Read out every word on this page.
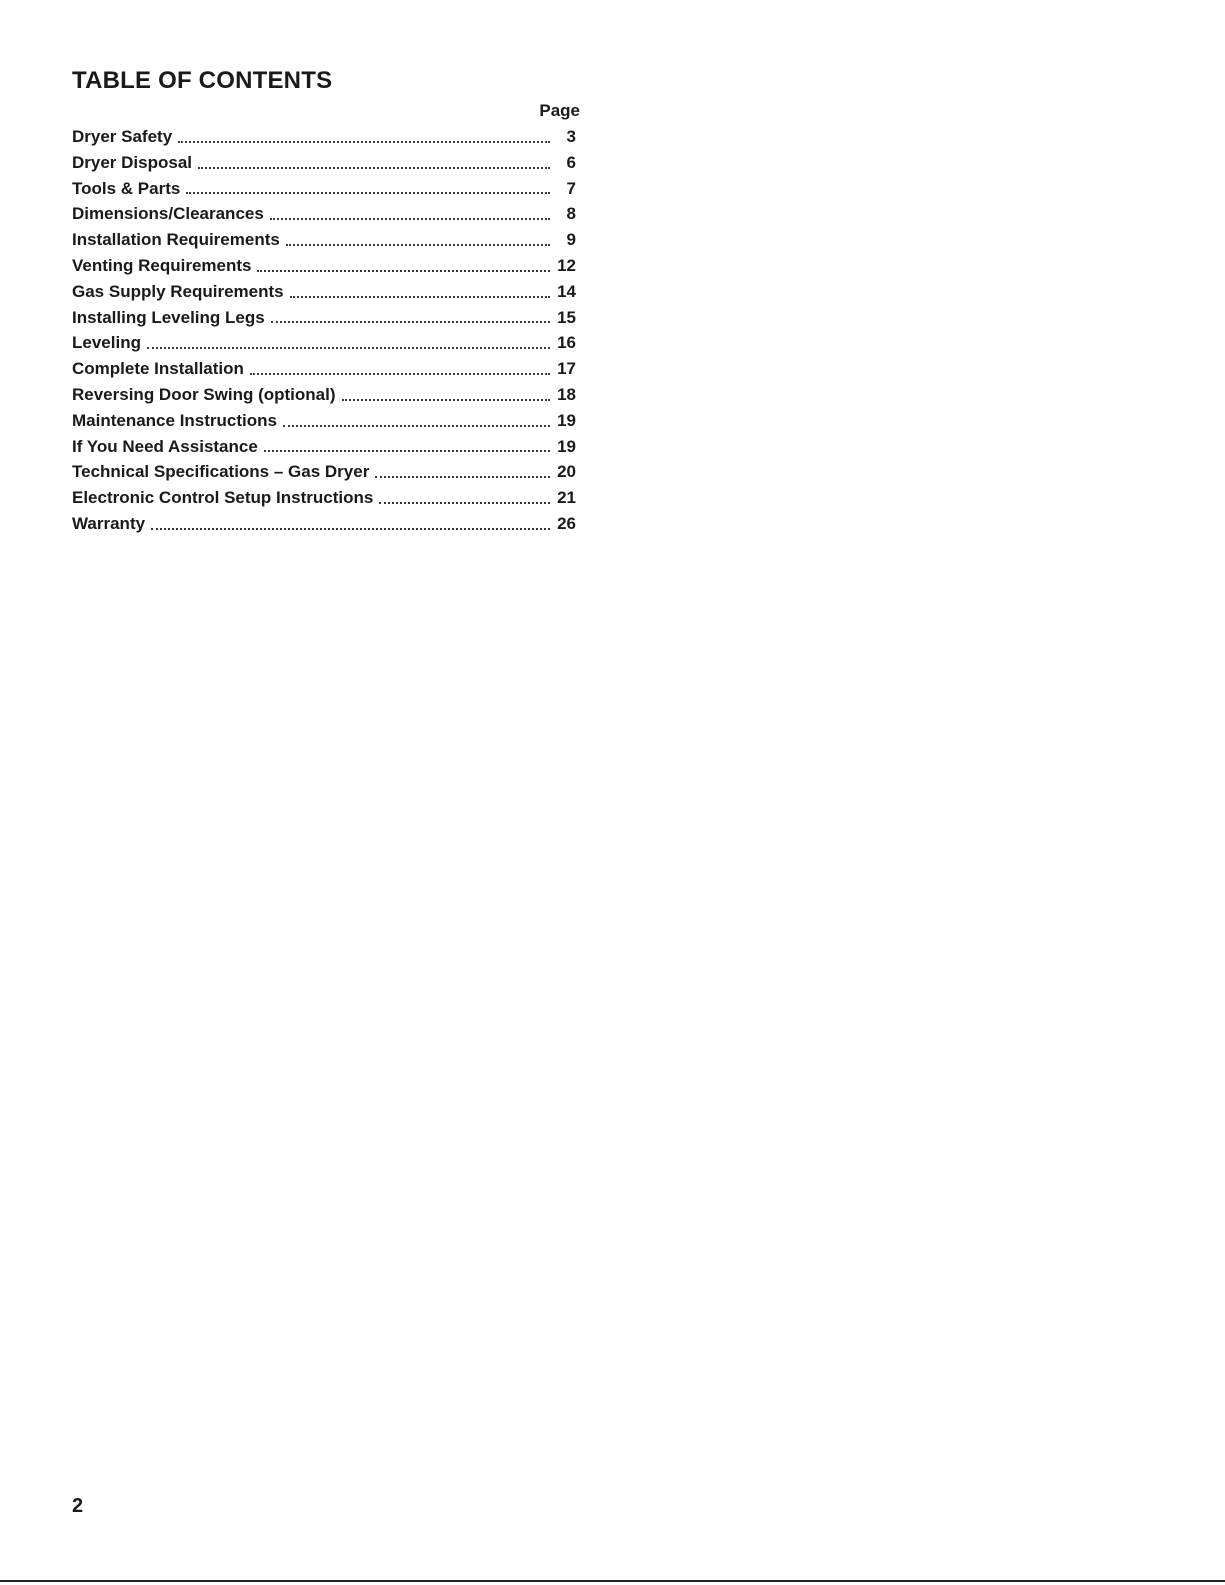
TABLE OF CONTENTS
Page
Dryer Safety	3
Dryer Disposal	6
Tools & Parts	7
Dimensions/Clearances	8
Installation Requirements	9
Venting Requirements	12
Gas Supply Requirements	14
Installing Leveling Legs	15
Leveling	16
Complete Installation	17
Reversing Door Swing (optional)	18
Maintenance Instructions	19
If You Need Assistance	19
Technical Specifications – Gas Dryer	20
Electronic Control Setup Instructions	21
Warranty	26
2
